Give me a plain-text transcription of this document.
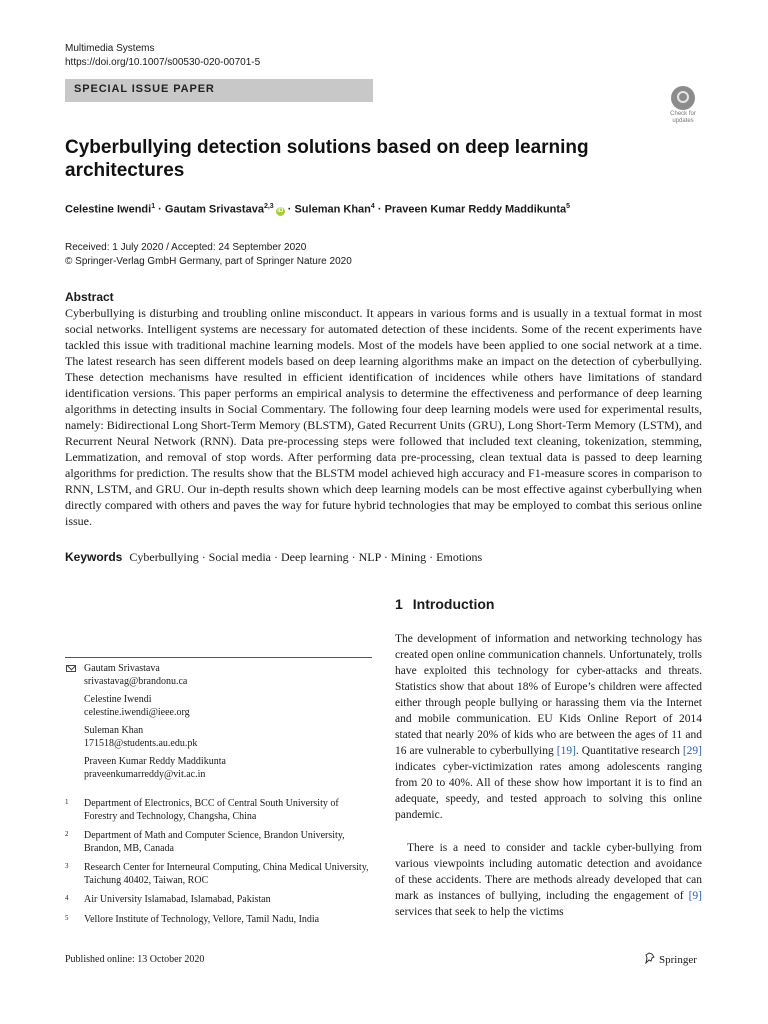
Multimedia Systems
https://doi.org/10.1007/s00530-020-00701-5
SPECIAL ISSUE PAPER
Check for updates
Cyberbullying detection solutions based on deep learning architectures
Celestine Iwendi$^1$ · Gautam Srivastava$^{2,3}$iD · Suleman Khan$^4$ · Praveen Kumar Reddy Maddikunta$^5$
Received: 1 July 2020 / Accepted: 24 September 2020
© Springer-Verlag GmbH Germany, part of Springer Nature 2020
Abstract

Cyberbullying is disturbing and troubling online misconduct. It appears in various forms and is usually in a textual format in most social networks. Intelligent systems are necessary for automated detection of these incidents. Some of the recent experiments have tackled this issue with traditional machine learning models. Most of the models have been applied to one social network at a time. The latest research has seen different models based on deep learning algorithms make an impact on the detection of cyberbullying. These detection mechanisms have resulted in efficient identification of incidences while others have limitations of standard identification versions. This paper performs an empirical analysis to determine the effectiveness and performance of deep learning algorithms in detecting insults in Social Commentary. The following four deep learning models were used for experimental results, namely: Bidirectional Long Short-Term Memory (BLSTM), Gated Recurrent Units (GRU), Long Short-Term Memory (LSTM), and Recurrent Neural Network (RNN). Data pre-processing steps were followed that included text cleaning, tokenization, stemming, Lemmatization, and removal of stop words. After performing data pre-processing, clean textual data is passed to deep learning algorithms for prediction. The results show that the BLSTM model achieved high accuracy and F1-measure scores in comparison to RNN, LSTM, and GRU. Our in-depth results shown which deep learning models can be most effective against cyberbullying when directly compared with others and paves the way for future hybrid technologies that may be employed to combat this serious online issue.

Keywords Cyberbullying · Social media · Deep learning · NLP · Mining · Emotions
1 Introduction

The development of information and networking technology has created open online communication channels. Unfortunately, trolls have exploited this technology for cyber-attacks and threats. Statistics show that about 18% of Europe’s children were affected either through people bullying or harassing them via the Internet and mobile communication. EU Kids Online Report of 2014 stated that nearly 20% of kids who are between the ages of 11 and 16 are vulnerable to cyberbullying [19]. Quantitative research [29] indicates cyber-victimization rates among adolescents ranging from 20 to 40%. All of these show how important it is to find an adequate, speedy, and tested approach to solving this online pandemic.

There is a need to consider and tackle cyber-bullying from various viewpoints including automatic detection and avoidance of these accidents. There are methods already developed that can mark as instances of bullying, including the engagement of [9] services that seek to help the victims

Gautam Srivastava
srivastavag@brandonu.ca
Celestine Iwendi
celestine.iwendi@ieee.org
Suleman Khan
171518@students.au.edu.pk
Praveen Kumar Reddy Maddikunta
praveenkumarreddy@vit.ac.in
1 Department of Electronics, BCC of Central South University of Forestry and Technology, Changsha, China
2 Department of Math and Computer Science, Brandon University, Brandon, MB, Canada
3 Research Center for Interneural Computing, China Medical University, Taichung 40402, Taiwan, ROC
4 Air University Islamabad, Islamabad, Pakistan
5 Vellore Institute of Technology, Vellore, Tamil Nadu, India
Published online: 13 October 2020	Springer
